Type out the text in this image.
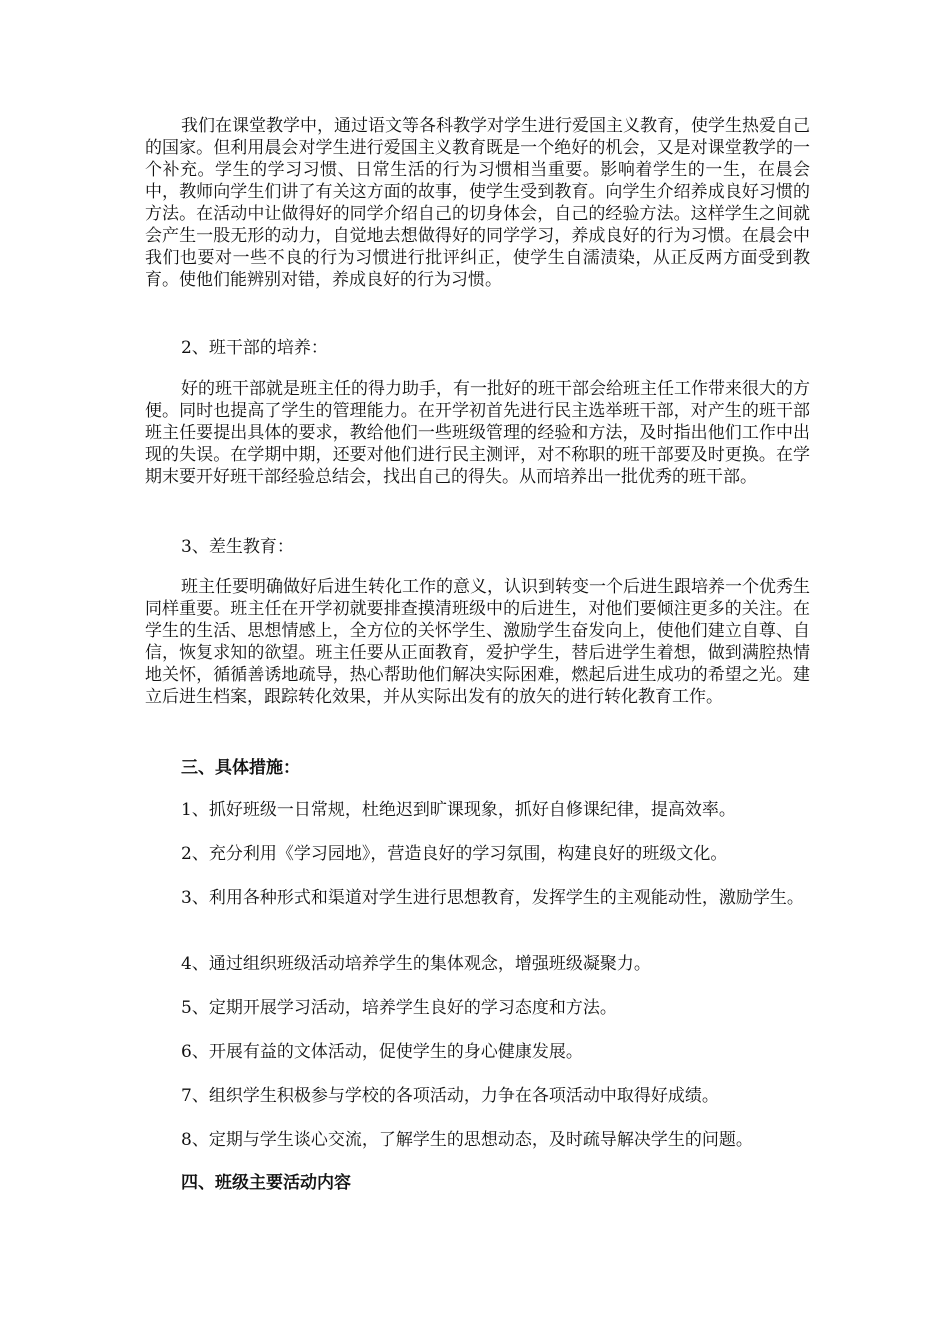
我们在课堂教学中，通过语文等各科教学对学生进行爱国主义教育，使学生热爱自己的国家。但利用晨会对学生进行爱国主义教育既是一个绝好的机会，又是对课堂教学的一个补充。学生的学习习惯、日常生活的行为习惯相当重要。影响着学生的一生，在晨会中，教师向学生们讲了有关这方面的故事，使学生受到教育。向学生介绍养成良好习惯的方法。在活动中让做得好的同学介绍自己的切身体会，自己的经验方法。这样学生之间就会产生一股无形的动力，自觉地去想做得好的同学学习，养成良好的行为习惯。在晨会中我们也要对一些不良的行为习惯进行批评纠正，使学生自濡渍染，从正反两方面受到教育。使他们能辨别对错，养成良好的行为习惯。

2、班干部的培养：

好的班干部就是班主任的得力助手，有一批好的班干部会给班主任工作带来很大的方便。同时也提高了学生的管理能力。在开学初首先进行民主选举班干部，对产生的班干部班主任要提出具体的要求，教给他们一些班级管理的经验和方法，及时指出他们工作中出现的失误。在学期中期，还要对他们进行民主测评，对不称职的班干部要及时更换。在学期末要开好班干部经验总结会，找出自己的得失。从而培养出一批优秀的班干部。

3、差生教育：

班主任要明确做好后进生转化工作的意义，认识到转变一个后进生跟培养一个优秀生同样重要。班主任在开学初就要排查摸清班级中的后进生，对他们要倾注更多的关注。在学生的生活、思想情感上，全方位的关怀学生、激励学生奋发向上，使他们建立自尊、自信，恢复求知的欲望。班主任要从正面教育，爱护学生，替后进学生着想，做到满腔热情地关怀，循循善诱地疏导，热心帮助他们解决实际困难，燃起后进生成功的希望之光。建立后进生档案，跟踪转化效果，并从实际出发有的放矢的进行转化教育工作。

三、具体措施：

1、抓好班级一日常规，杜绝迟到旷课现象，抓好自修课纪律，提高效率。

2、充分利用《学习园地》，营造良好的学习氛围，构建良好的班级文化。

3、利用各种形式和渠道对学生进行思想教育，发挥学生的主观能动性，激励学生。

4、通过组织班级活动培养学生的集体观念，增强班级凝聚力。

5、定期开展学习活动，培养学生良好的学习态度和方法。

6、开展有益的文体活动，促使学生的身心健康发展。

7、组织学生积极参与学校的各项活动，力争在各项活动中取得好成绩。

8、定期与学生谈心交流，了解学生的思想动态，及时疏导解决学生的问题。

四、班级主要活动内容
